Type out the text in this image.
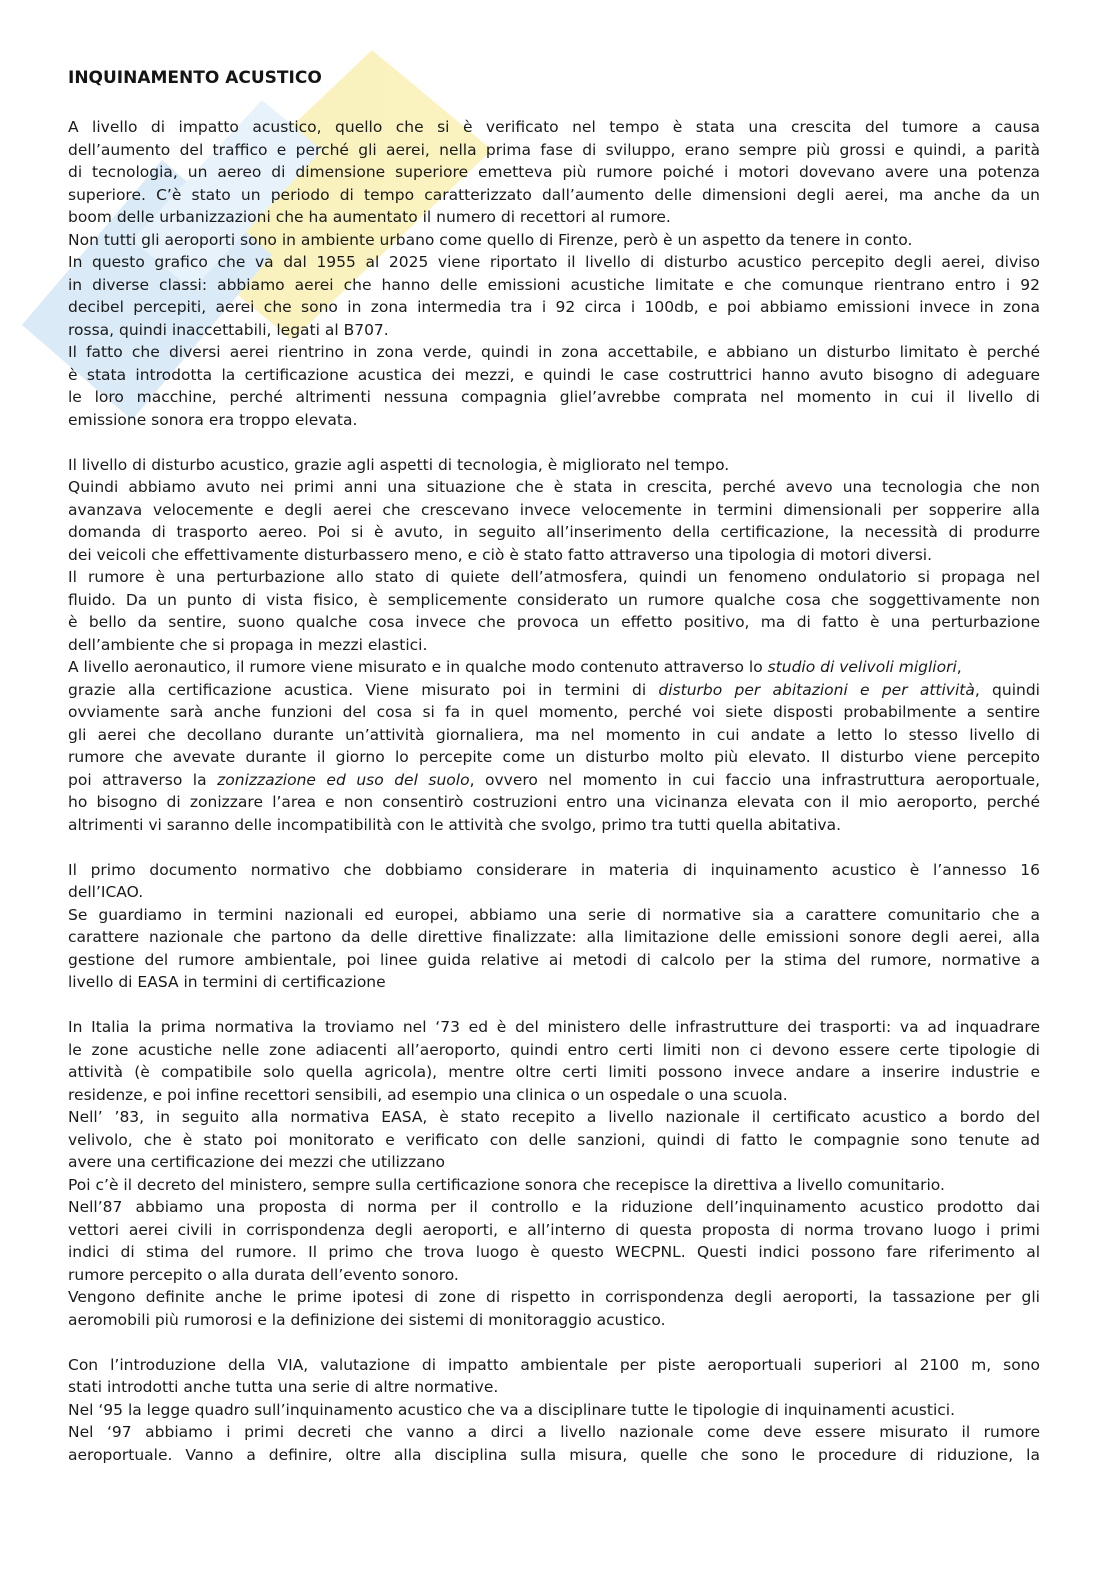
INQUINAMENTO ACUSTICO
A livello di impatto acustico, quello che si è verificato nel tempo è stata una crescita del tumore a causa
dell’aumento del traffico e perché gli aerei, nella prima fase di sviluppo, erano sempre più grossi e quindi, a parità
di tecnologia, un aereo di dimensione superiore emetteva più rumore poiché i motori dovevano avere una potenza
superiore. C’è stato un periodo di tempo caratterizzato dall’aumento delle dimensioni degli aerei, ma anche da un
boom delle urbanizzazioni che ha aumentato il numero di recettori al rumore.
Non tutti gli aeroporti sono in ambiente urbano come quello di Firenze, però è un aspetto da tenere in conto.
In questo grafico che va dal 1955 al 2025 viene riportato il livello di disturbo acustico percepito degli aerei, diviso
in diverse classi: abbiamo aerei che hanno delle emissioni acustiche limitate e che comunque rientrano entro i 92
decibel percepiti, aerei che sono in zona intermedia tra i 92 circa i 100db, e poi abbiamo emissioni invece in zona
rossa, quindi inaccettabili, legati al B707.
Il fatto che diversi aerei rientrino in zona verde, quindi in zona accettabile, e abbiano un disturbo limitato è perché
è stata introdotta la certificazione acustica dei mezzi, e quindi le case costruttrici hanno avuto bisogno di adeguare
le loro macchine, perché altrimenti nessuna compagnia glielʼavrebbe comprata nel momento in cui il livello di
emissione sonora era troppo elevata.
Il livello di disturbo acustico, grazie agli aspetti di tecnologia, è migliorato nel tempo.
Quindi abbiamo avuto nei primi anni una situazione che è stata in crescita, perché avevo una tecnologia che non
avanzava velocemente e degli aerei che crescevano invece velocemente in termini dimensionali per sopperire alla
domanda di trasporto aereo. Poi si è avuto, in seguito all’inserimento della certificazione, la necessità di produrre
dei veicoli che effettivamente disturbassero meno, e ciò è stato fatto attraverso una tipologia di motori diversi.
Il rumore è una perturbazione allo stato di quiete dellʼatmosfera, quindi un fenomeno ondulatorio si propaga nel
fluido. Da un punto di vista fisico, è semplicemente considerato un rumore qualche cosa che soggettivamente non
è bello da sentire, suono qualche cosa invece che provoca un effetto positivo, ma di fatto è una perturbazione
dellʼambiente che si propaga in mezzi elastici.
A livello aeronautico, il rumore viene misurato e in qualche modo contenuto attraverso lo studio di velivoli migliori,
grazie alla certificazione acustica. Viene misurato poi in termini di disturbo per abitazioni e per attività, quindi
ovviamente sarà anche funzioni del cosa si fa in quel momento, perché voi siete disposti probabilmente a sentire
gli aerei che decollano durante unʼattività giornaliera, ma nel momento in cui andate a letto lo stesso livello di
rumore che avevate durante il giorno lo percepite come un disturbo molto più elevato. Il disturbo viene percepito
poi attraverso la zonizzazione ed uso del suolo, ovvero nel momento in cui faccio una infrastruttura aeroportuale,
ho bisogno di zonizzare lʼarea e non consentirò costruzioni entro una vicinanza elevata con il mio aeroporto, perché
altrimenti vi saranno delle incompatibilità con le attività che svolgo, primo tra tutti quella abitativa.
Il primo documento normativo che dobbiamo considerare in materia di inquinamento acustico è lʼannesso 16
dell’ICAO.
Se guardiamo in termini nazionali ed europei, abbiamo una serie di normative sia a carattere comunitario che a
carattere nazionale che partono da delle direttive finalizzate: alla limitazione delle emissioni sonore degli aerei, alla
gestione del rumore ambientale, poi linee guida relative ai metodi di calcolo per la stima del rumore, normative a
livello di EASA in termini di certificazione
In Italia la prima normativa la troviamo nel ‘73 ed è del ministero delle infrastrutture dei trasporti: va ad inquadrare
le zone acustiche nelle zone adiacenti allʼaeroporto, quindi entro certi limiti non ci devono essere certe tipologie di
attività (è compatibile solo quella agricola), mentre oltre certi limiti possono invece andare a inserire industrie e
residenze, e poi infine recettori sensibili, ad esempio una clinica o un ospedale o una scuola.
Nellʼ ’83, in seguito alla normativa EASA, è stato recepito a livello nazionale il certificato acustico a bordo del
velivolo, che è stato poi monitorato e verificato con delle sanzioni, quindi di fatto le compagnie sono tenute ad
avere una certificazione dei mezzi che utilizzano
Poi c’è il decreto del ministero, sempre sulla certificazione sonora che recepisce la direttiva a livello comunitario.
Nellʼ87 abbiamo una proposta di norma per il controllo e la riduzione dellʼinquinamento acustico prodotto dai
vettori aerei civili in corrispondenza degli aeroporti, e allʼinterno di questa proposta di norma trovano luogo i primi
indici di stima del rumore. Il primo che trova luogo è questo WECPNL. Questi indici possono fare riferimento al
rumore percepito o alla durata dellʼevento sonoro.
Vengono definite anche le prime ipotesi di zone di rispetto in corrispondenza degli aeroporti, la tassazione per gli
aeromobili più rumorosi e la definizione dei sistemi di monitoraggio acustico.
Con lʼintroduzione della VIA, valutazione di impatto ambientale per piste aeroportuali superiori al 2100 m, sono
stati introdotti anche tutta una serie di altre normative.
Nel ‘95 la legge quadro sullʼinquinamento acustico che va a disciplinare tutte le tipologie di inquinamenti acustici.
Nel ‘97 abbiamo i primi decreti che vanno a dirci a livello nazionale come deve essere misurato il rumore
aeroportuale. Vanno a definire, oltre alla disciplina sulla misura, quelle che sono le procedure di riduzione, la
